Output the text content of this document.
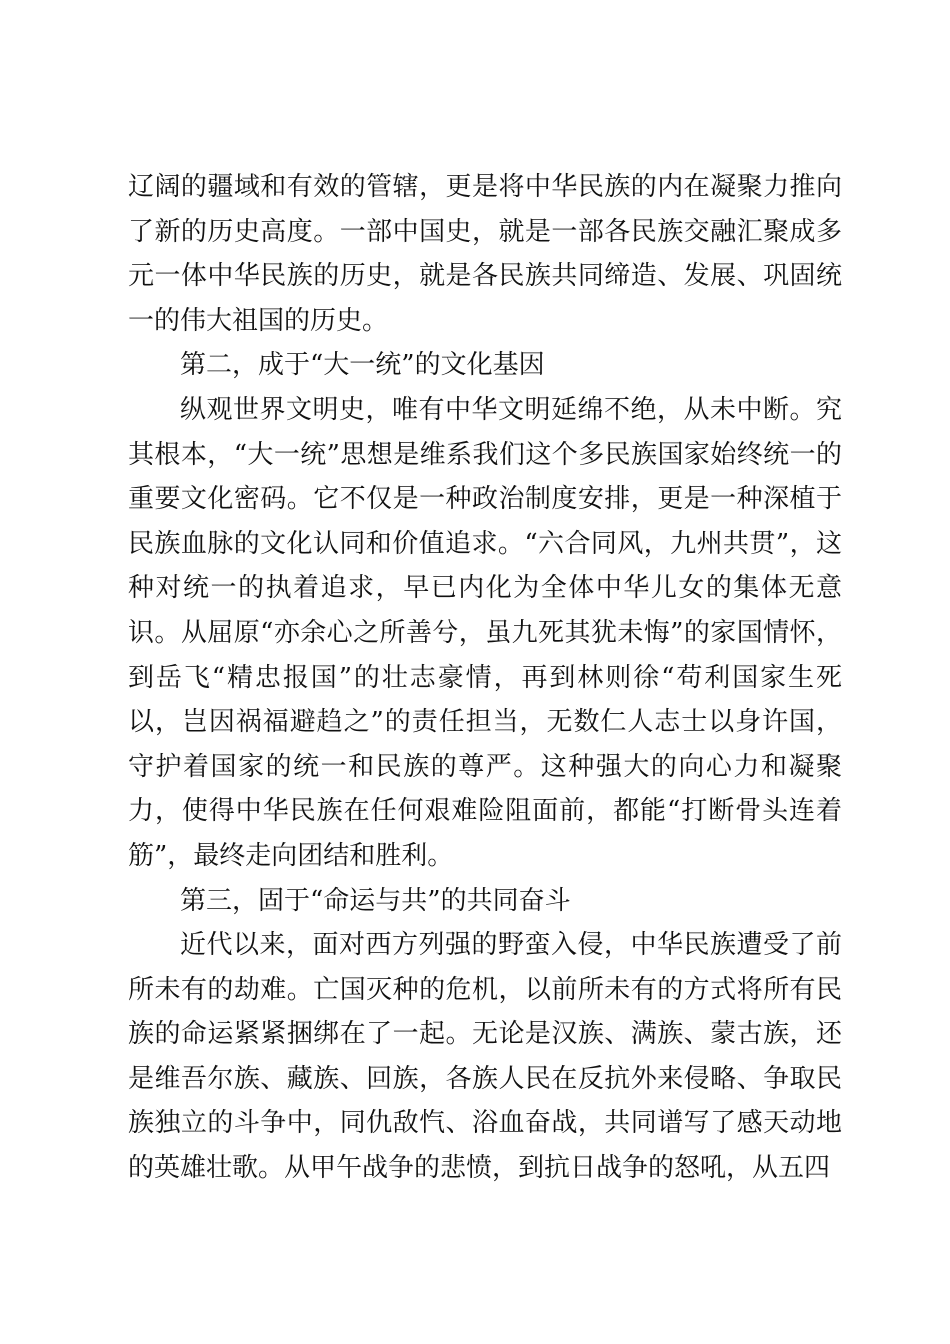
辽阔的疆域和有效的管辖，更是将中华民族的内在凝聚力推向了新的历史高度。一部中国史，就是一部各民族交融汇聚成多元一体中华民族的历史，就是各民族共同缔造、发展、巩固统一的伟大祖国的历史。

第二，成于“大一统”的文化基因

纵观世界文明史，唯有中华文明延绵不绝，从未中断。究其根本，“大一统”思想是维系我们这个多民族国家始终统一的重要文化密码。它不仅是一种政治制度安排，更是一种深植于民族血脉的文化认同和价值追求。“六合同风，九州共贯”，这种对统一的执着追求，早已内化为全体中华儿女的集体无意识。从屈原“亦余心之所善兮，虽九死其犹未悔”的家国情怀，到岳飞“精忠报国”的壮志豪情，再到林则徐“苟利国家生死以，岂因祸福避趋之”的责任担当，无数仁人志士以身许国，守护着国家的统一和民族的尊严。这种强大的向心力和凝聚力，使得中华民族在任何艰难险阻面前，都能“打断骨头连着筋”，最终走向团结和胜利。

第三，固于“命运与共”的共同奋斗

近代以来，面对西方列强的野蛮入侵，中华民族遭受了前所未有的劫难。亡国灭种的危机，以前所未有的方式将所有民族的命运紧紧捆绑在了一起。无论是汉族、满族、蒙古族，还是维吾尔族、藏族、回族，各族人民在反抗外来侵略、争取民族独立的斗争中，同仇敌忾、浴血奋战，共同谱写了感天动地的英雄壮歌。从甲午战争的悲愤，到抗日战争的怒吼，从五四
